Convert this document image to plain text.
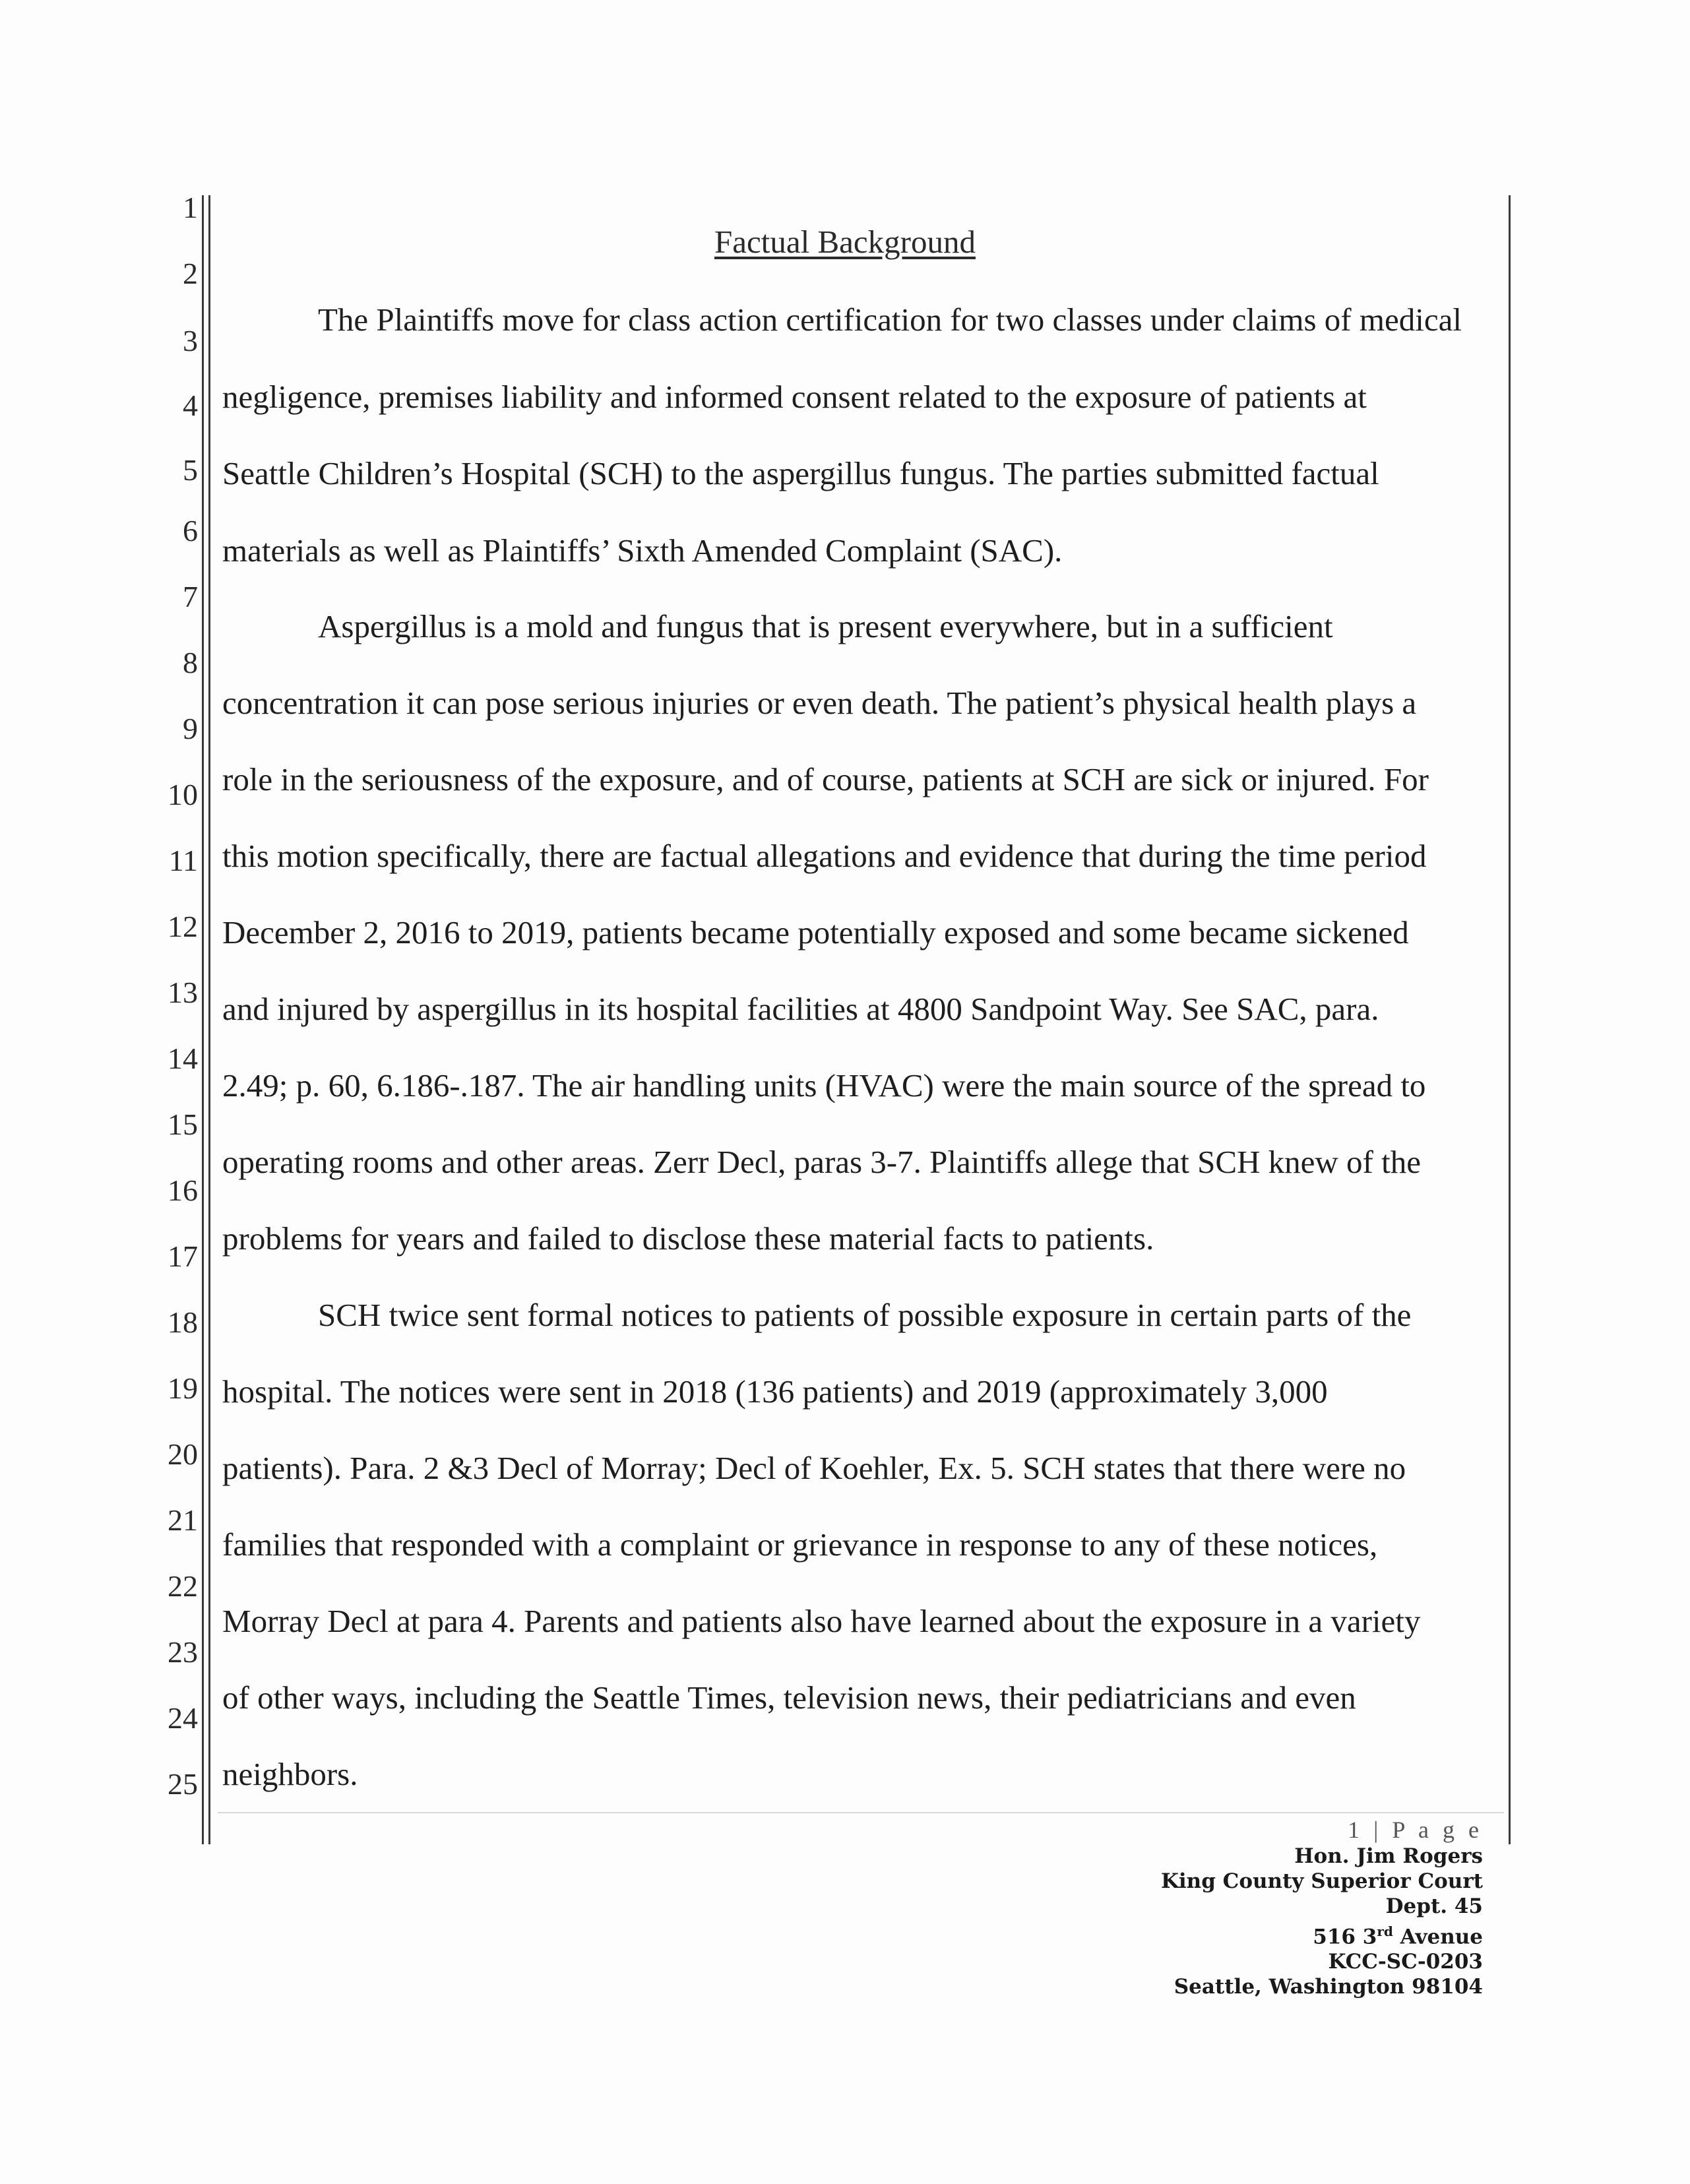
1
2
3
4
5
6
7
8
9
10
11
12
13
14
15
16
17
18
19
20
21
22
23
24
25
Factual Background
The Plaintiffs move for class action certification for two classes under claims of medical
negligence, premises liability and informed consent related to the exposure of patients at
Seattle Children’s Hospital (SCH) to the aspergillus fungus. The parties submitted factual
materials as well as Plaintiffs’ Sixth Amended Complaint (SAC).
Aspergillus is a mold and fungus that is present everywhere, but in a sufficient
concentration it can pose serious injuries or even death. The patient’s physical health plays a
role in the seriousness of the exposure, and of course, patients at SCH are sick or injured. For
this motion specifically, there are factual allegations and evidence that during the time period
December 2, 2016 to 2019, patients became potentially exposed and some became sickened
and injured by aspergillus in its hospital facilities at 4800 Sandpoint Way. See SAC, para.
2.49; p. 60, 6.186-.187. The air handling units (HVAC) were the main source of the spread to
operating rooms and other areas. Zerr Decl, paras 3-7. Plaintiffs allege that SCH knew of the
problems for years and failed to disclose these material facts to patients.
SCH twice sent formal notices to patients of possible exposure in certain parts of the
hospital. The notices were sent in 2018 (136 patients) and 2019 (approximately 3,000
patients). Para. 2 &3 Decl of Morray; Decl of Koehler, Ex. 5. SCH states that there were no
families that responded with a complaint or grievance in response to any of these notices,
Morray Decl at para 4. Parents and patients also have learned about the exposure in a variety
of other ways, including the Seattle Times, television news, their pediatricians and even
neighbors.
1 | P a g e
Hon. Jim Rogers
King County Superior Court
Dept. 45
516 3rd Avenue
KCC-SC-0203
Seattle, Washington 98104
